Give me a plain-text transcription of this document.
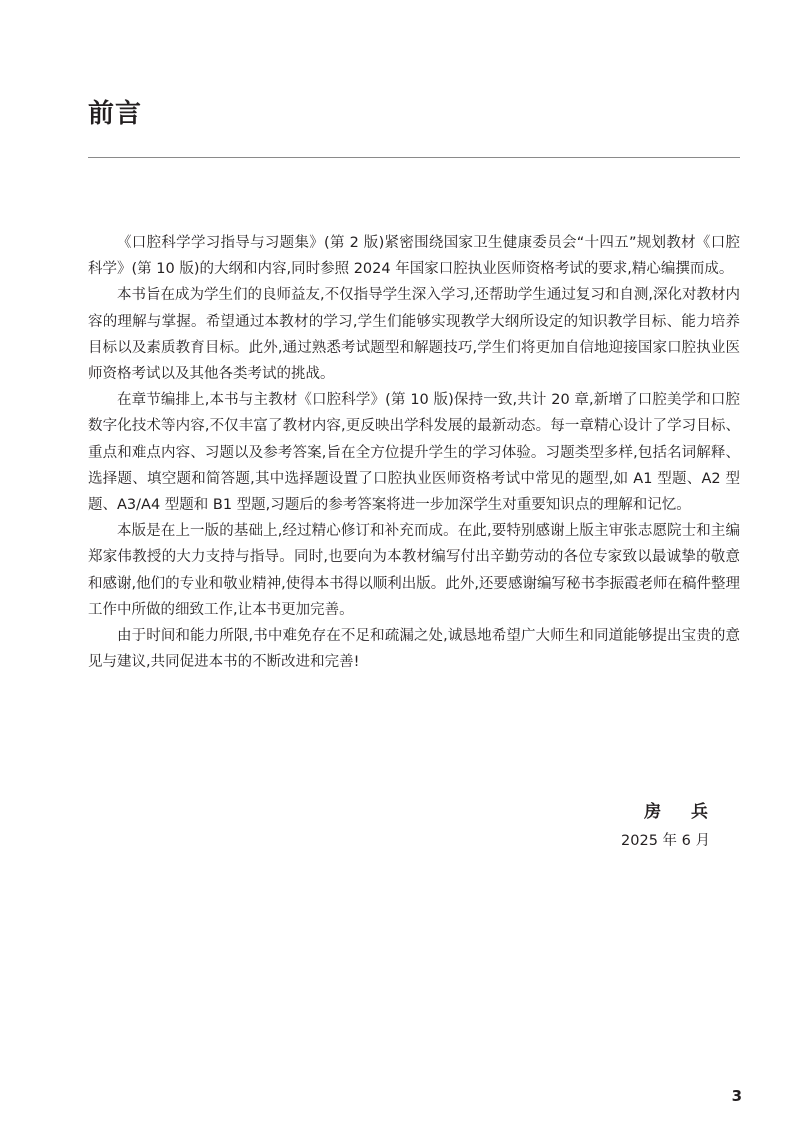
前言

《口腔科学学习指导与习题集》(第 2 版)紧密围绕国家卫生健康委员会“十四五”规划教材《口腔科学》(第 10 版)的大纲和内容,同时参照 2024 年国家口腔执业医师资格考试的要求,精心编撰而成。

本书旨在成为学生们的良师益友,不仅指导学生深入学习,还帮助学生通过复习和自测,深化对教材内容的理解与掌握。希望通过本教材的学习,学生们能够实现教学大纲所设定的知识教学目标、能力培养目标以及素质教育目标。此外,通过熟悉考试题型和解题技巧,学生们将更加自信地迎接国家口腔执业医师资格考试以及其他各类考试的挑战。

在章节编排上,本书与主教材《口腔科学》(第 10 版)保持一致,共计 20 章,新增了口腔美学和口腔数字化技术等内容,不仅丰富了教材内容,更反映出学科发展的最新动态。每一章精心设计了学习目标、重点和难点内容、习题以及参考答案,旨在全方位提升学生的学习体验。习题类型多样,包括名词解释、选择题、填空题和简答题,其中选择题设置了口腔执业医师资格考试中常见的题型,如 A1 型题、A2 型题、A3/A4 型题和 B1 型题,习题后的参考答案将进一步加深学生对重要知识点的理解和记忆。

本版是在上一版的基础上,经过精心修订和补充而成。在此,要特别感谢上版主审张志愿院士和主编郑家伟教授的大力支持与指导。同时,也要向为本教材编写付出辛勤劳动的各位专家致以最诚挚的敬意和感谢,他们的专业和敬业精神,使得本书得以顺利出版。此外,还要感谢编写秘书李振霞老师在稿件整理工作中所做的细致工作,让本书更加完善。

由于时间和能力所限,书中难免存在不足和疏漏之处,诚恳地希望广大师生和同道能够提出宝贵的意见与建议,共同促进本书的不断改进和完善!

房 兵
2025 年 6 月
3
